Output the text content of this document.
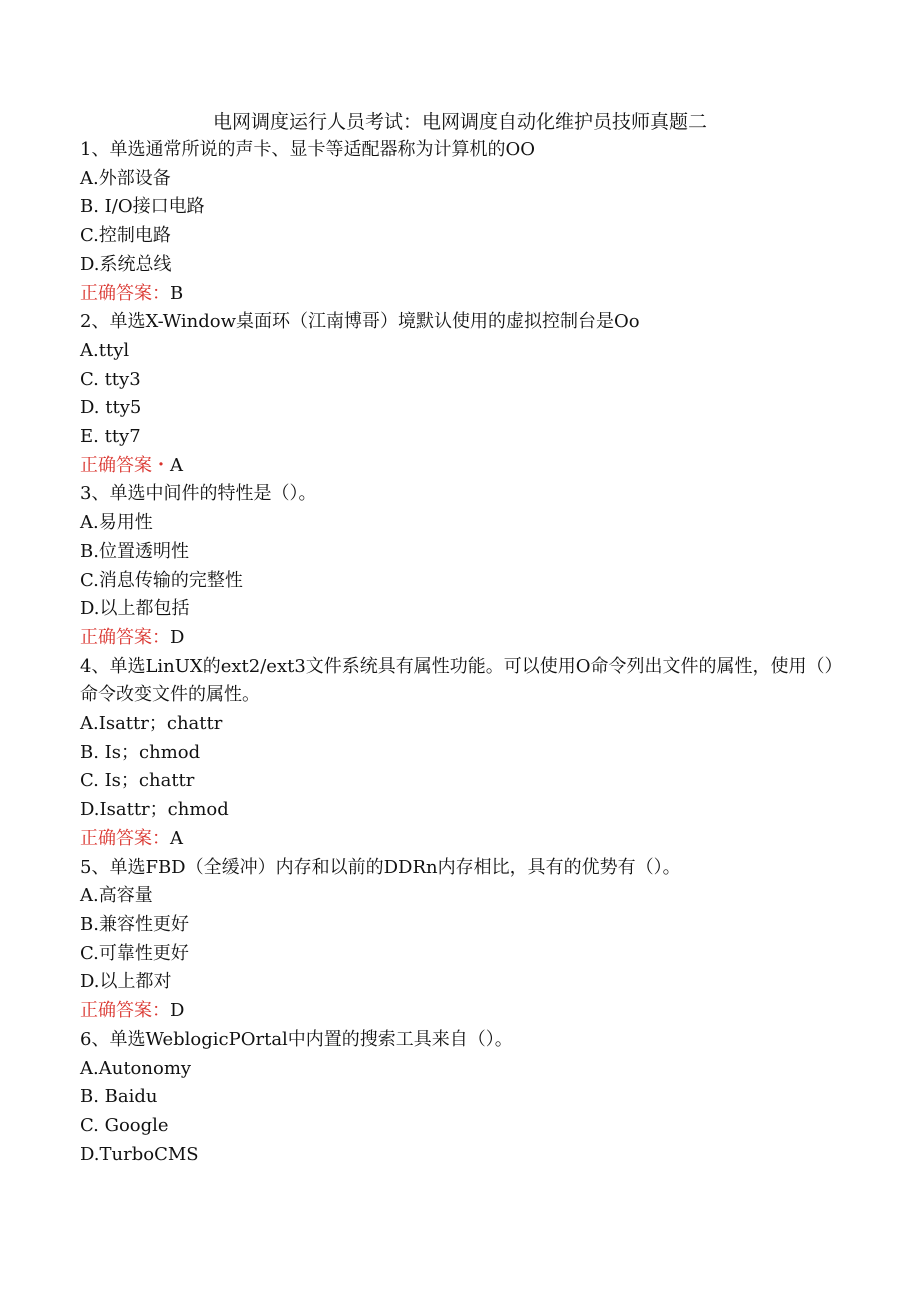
电网调度运行人员考试：电网调度自动化维护员技师真题二
1、单选通常所说的声卡、显卡等适配器称为计算机的OO
A.外部设备
B. I/O接口电路
C.控制电路
D.系统总线
正确答案：B
2、单选X-Window桌面环（江南博哥）境默认使用的虚拟控制台是Oo
A.ttyl
C. tty3
D. tty5
E. tty7
正确答案・A
3、单选中间件的特性是（）。
A.易用性
B.位置透明性
C.消息传输的完整性
D.以上都包括
正确答案：D
4、单选LinUX的ext2/ext3文件系统具有属性功能。可以使用O命令列出文件的属性，使用（）命令改变文件的属性。
A.Isattr；chattr
B. Is；chmod
C. Is；chattr
D.Isattr；chmod
正确答案：A
5、单选FBD（全缓冲）内存和以前的DDRn内存相比，具有的优势有（）。
A.高容量
B.兼容性更好
C.可靠性更好
D.以上都对
正确答案：D
6、单选WeblogicPOrtal中内置的搜索工具来自（）。
A.Autonomy
B. Baidu
C. Google
D.TurboCMS
